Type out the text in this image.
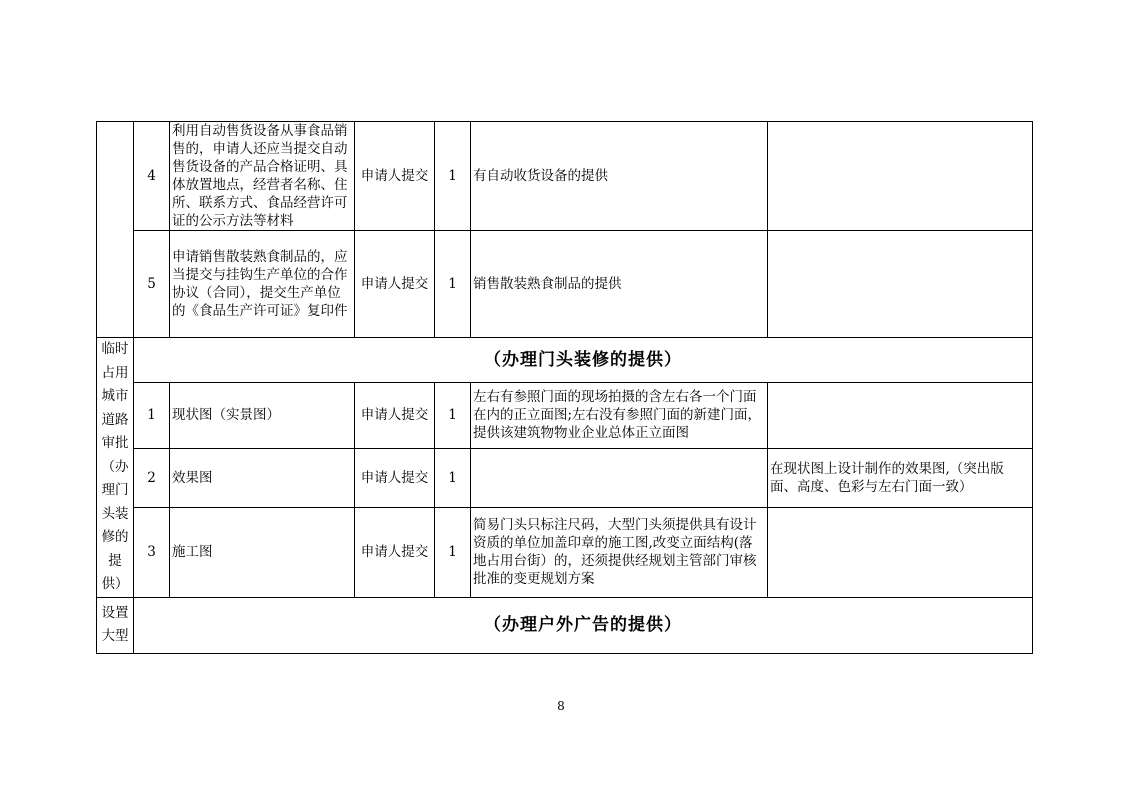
	4	利用自动售货设备从事食品销售的，申请人还应当提交自动售货设备的产品合格证明、具体放置地点，经营者名称、住所、联系方式、食品经营许可证的公示方法等材料	申请人提交	1	有自动收货设备的提供	
	5	申请销售散装熟食制品的，应当提交与挂钩生产单位的合作协议（合同），提交生产单位的《食品生产许可证》复印件	申请人提交	1	销售散装熟食制品的提供	
临时占用城市道路审批（办理门头装修的提供）	（办理门头装修的提供）					
	1	现状图（实景图）	申请人提交	1	左右有参照门面的现场拍摄的含左右各一个门面在内的正立面图;左右没有参照门面的新建门面，提供该建筑物物业企业总体正立面图	
	2	效果图	申请人提交	1		在现状图上设计制作的效果图,（突出版面、高度、色彩与左右门面一致）
	3	施工图	申请人提交	1	简易门头只标注尺码，大型门头须提供具有设计资质的单位加盖印章的施工图,改变立面结构(落地占用台街）的，还须提供经规划主管部门审核批准的变更规划方案	
设置大型	（办理户外广告的提供）					
8
